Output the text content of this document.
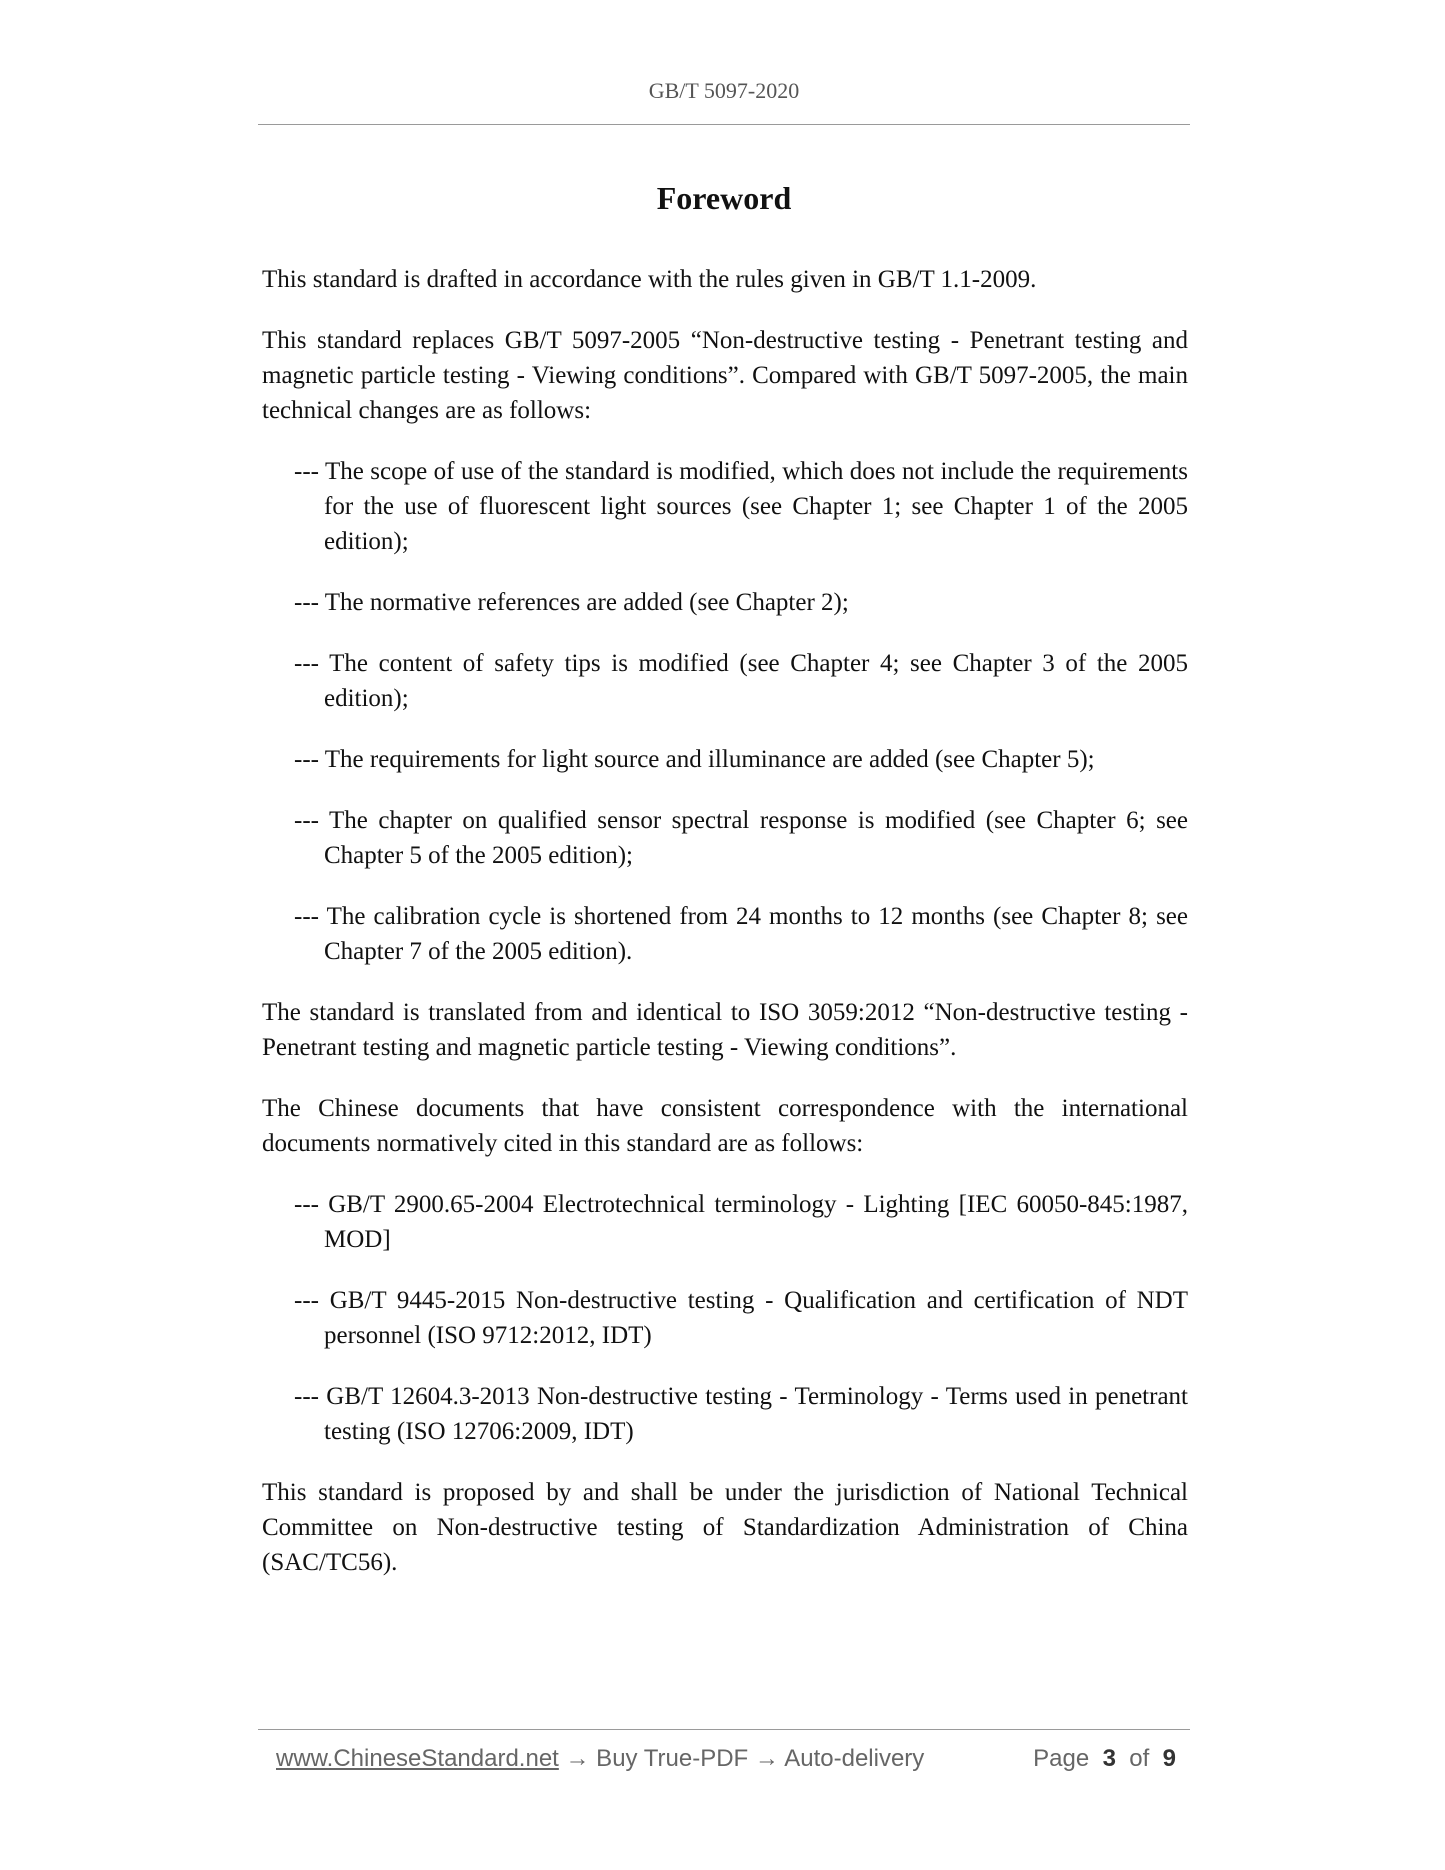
GB/T 5097-2020
Foreword

This standard is drafted in accordance with the rules given in GB/T 1.1-2009.

This standard replaces GB/T 5097-2005 “Non-destructive testing - Penetrant testing and magnetic particle testing - Viewing conditions”. Compared with GB/T 5097-2005, the main technical changes are as follows:

--- The scope of use of the standard is modified, which does not include the requirements for the use of fluorescent light sources (see Chapter 1; see Chapter 1 of the 2005 edition);

--- The normative references are added (see Chapter 2);

--- The content of safety tips is modified (see Chapter 4; see Chapter 3 of the 2005 edition);

--- The requirements for light source and illuminance are added (see Chapter 5);

--- The chapter on qualified sensor spectral response is modified (see Chapter 6; see Chapter 5 of the 2005 edition);

--- The calibration cycle is shortened from 24 months to 12 months (see Chapter 8; see Chapter 7 of the 2005 edition).

The standard is translated from and identical to ISO 3059:2012 “Non-destructive testing - Penetrant testing and magnetic particle testing - Viewing conditions”.

The Chinese documents that have consistent correspondence with the international documents normatively cited in this standard are as follows:

--- GB/T 2900.65-2004 Electrotechnical terminology - Lighting [IEC 60050-845:1987, MOD]

--- GB/T 9445-2015 Non-destructive testing - Qualification and certification of NDT personnel (ISO 9712:2012, IDT)

--- GB/T 12604.3-2013 Non-destructive testing - Terminology - Terms used in penetrant testing (ISO 12706:2009, IDT)

This standard is proposed by and shall be under the jurisdiction of National Technical Committee on Non-destructive testing of Standardization Administration of China (SAC/TC56).

www.ChineseStandard.net → Buy True-PDF → Auto-delivery	Page 3 of 9
